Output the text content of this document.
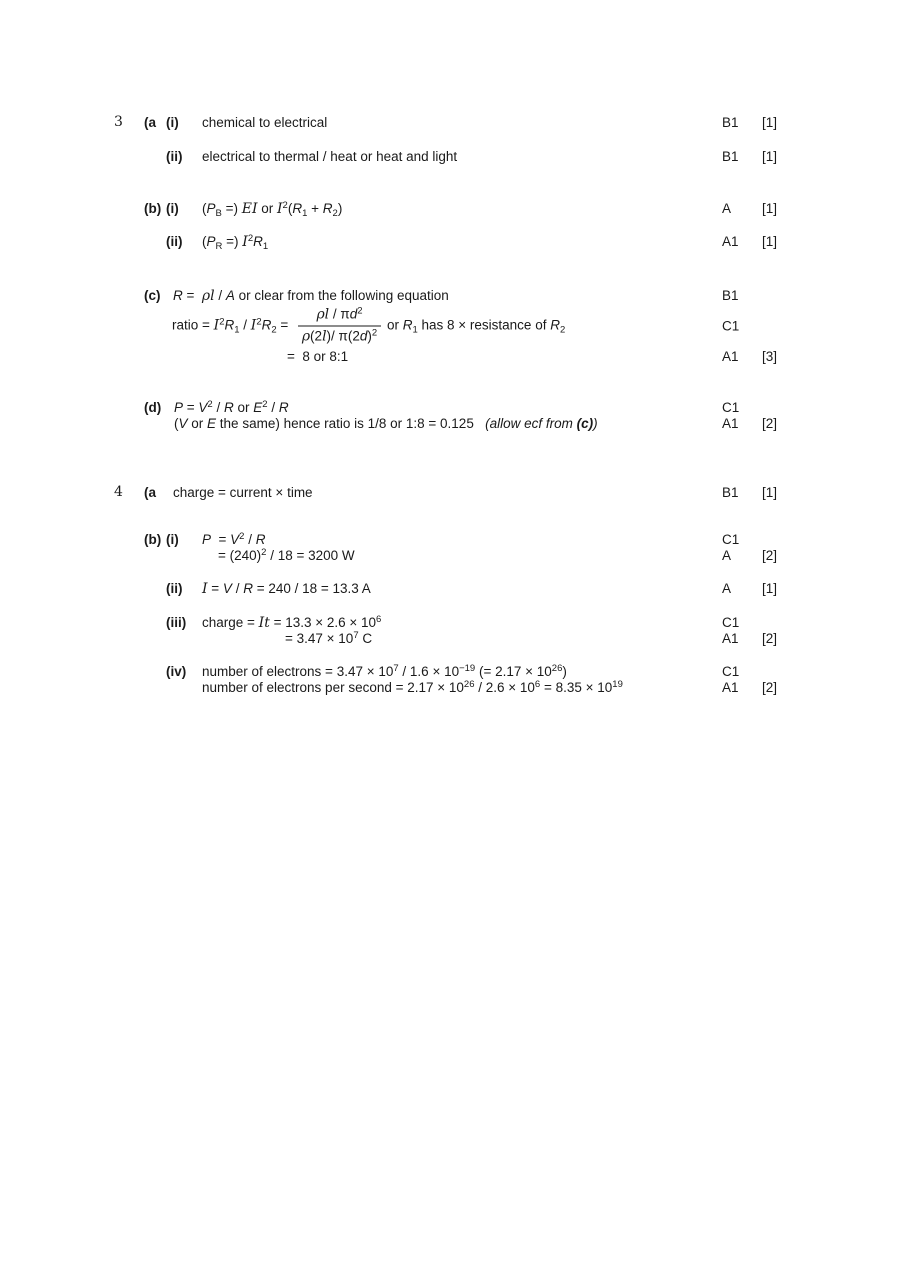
3 (a (i) chemical to electrical	B1 [1]
(ii) electrical to thermal / heat or heat and light	B1 [1]
(b) (i) ($P_B$ =) EI or $I^2(R_1 + R_2)$	A [1]
(ii) ($P_R$ =) $I^2R_1$	A1 [1]
(c) R =  ρl / A or clear from the following equation	B1
ratio = $I^2R_1 / I^2R_2 = \frac{\rho l / \pi d^2}{\rho(2l)/ \pi(2d)^2}$ or $R_1$ has 8 × resistance of $R_2$	C1
=  8 or 8:1	A1 [3]
(d) $P = V^2 / R$ or $E^2$ / R	C1
(V or E the same) hence ratio is 1/8 or 1:8 = 0.125   (allow ecf from (c))	A1 [2]
4 (a charge = current × time	B1 [1]
(b) (i) $P = V^2 / R$	C1
= $(240)^2 / 18 = 3200$ W	A [2]
(ii) I = V / R = 240 / 18 = 13.3 A	A [1]
(iii) charge = $It = 13.3 \times 2.6 \times 10^6$	C1
= $3.47 \times 10^7$ C	A1 [2]
(iv) number of electrons = $3.47 \times 10^7 / 1.6 \times 10^{-19}$ (= $2.17 \times 10^{26}$)	C1
number of electrons per second = $2.17 \times 10^{26} / 2.6 \times 10^6 = 8.35 \times 10^{19}$	A1 [2]
